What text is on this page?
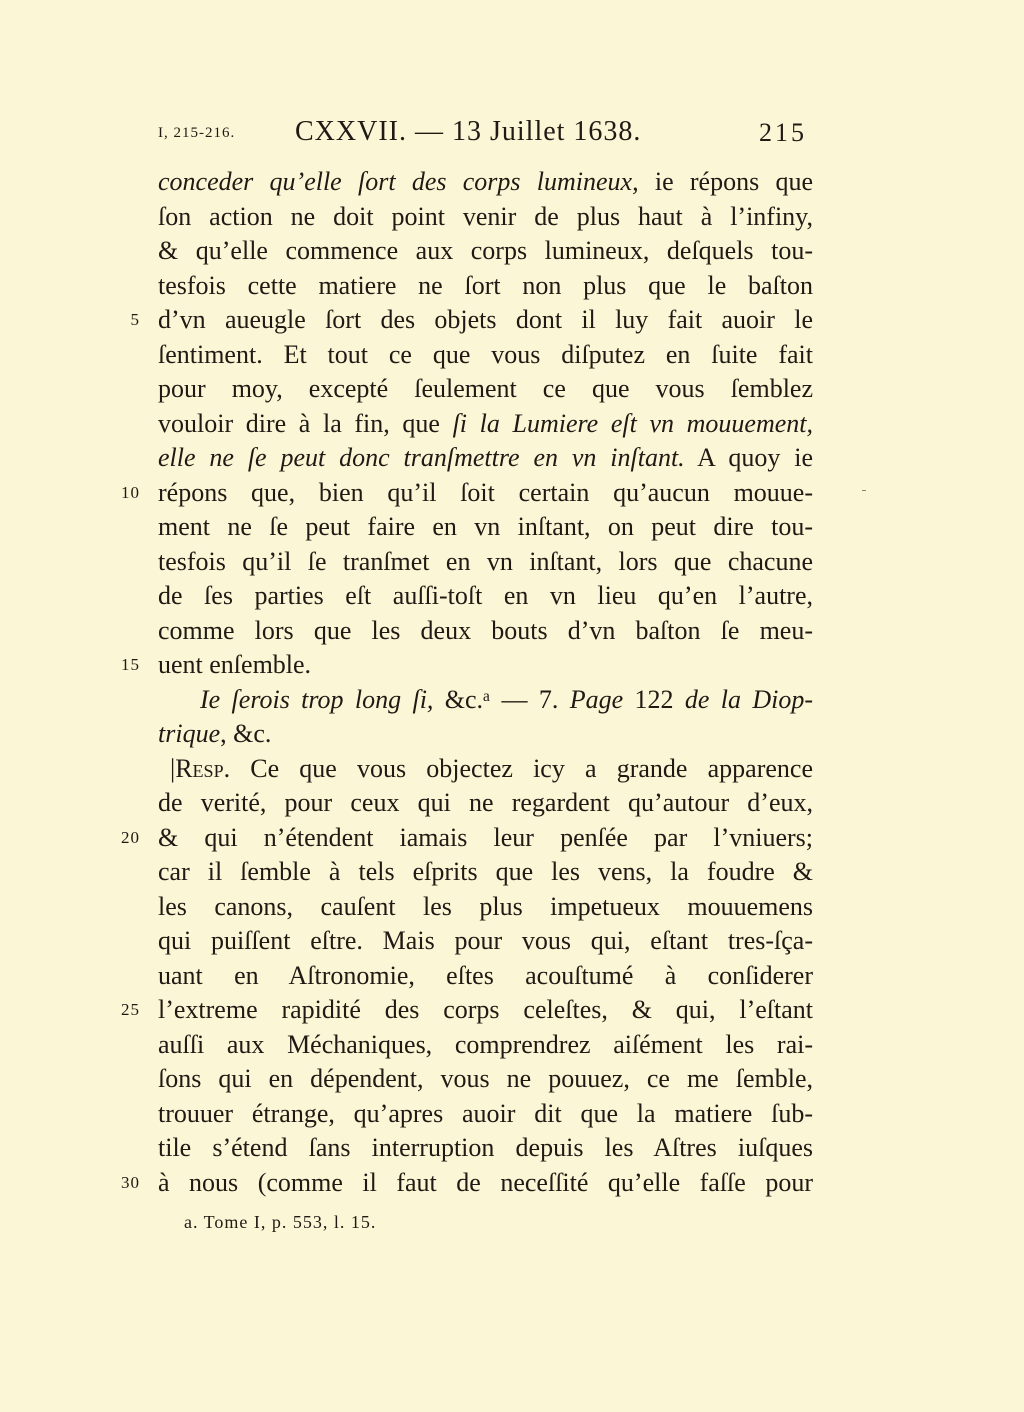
I, 215-216. CXXVII. — 13 Juillet 1638.	215
conceder qu’elle ſort des corps lumineux, ie répons que
ſon action ne doit point venir de plus haut à l’infiny,
& qu’elle commence aux corps lumineux, deſquels tou-
tesfois cette matiere ne ſort non plus que le baſton
5 d’vn aueugle ſort des objets dont il luy fait auoir le
ſentiment. Et tout ce que vous diſputez en ſuite fait
pour moy, excepté ſeulement ce que vous ſemblez
vouloir dire à la fin, que ſi la Lumiere eſt vn mouuement,
elle ne ſe peut donc tranſmettre en vn inſtant. A quoy ie
10 répons que, bien qu’il ſoit certain qu’aucun mouue-
ment ne ſe peut faire en vn inſtant, on peut dire tou-
tesfois qu’il ſe tranſmet en vn inſtant, lors que chacune
de ſes parties eſt auſſi-toſt en vn lieu qu’en l’autre,
comme lors que les deux bouts d’vn baſton ſe meu-
15 uent enſemble.
Ie ſerois trop long ſi, &c.ᵃ — 7. Page 122 de la Diop-
trique, &c.
|Resp. Ce que vous objectez icy a grande apparence
de verité, pour ceux qui ne regardent qu’autour d’eux,
20 & qui n’étendent iamais leur penſée par l’vniuers;
car il ſemble à tels eſprits que les vens, la foudre &
les canons, cauſent les plus impetueux mouuemens
qui puiſſent eſtre. Mais pour vous qui, eſtant tres-ſça-
uant en Aſtronomie, eſtes acouſtumé à conſiderer
25 l’extreme rapidité des corps celeſtes, & qui, l’eſtant
auſſi aux Méchaniques, comprendrez aiſément les rai-
ſons qui en dépendent, vous ne pouuez, ce me ſemble,
trouuer étrange, qu’apres auoir dit que la matiere ſub-
tile s’étend ſans interruption depuis les Aſtres iuſques
30 à nous (comme il faut de neceſſité qu’elle faſſe pour
a. Tome I, p. 553, l. 15.
